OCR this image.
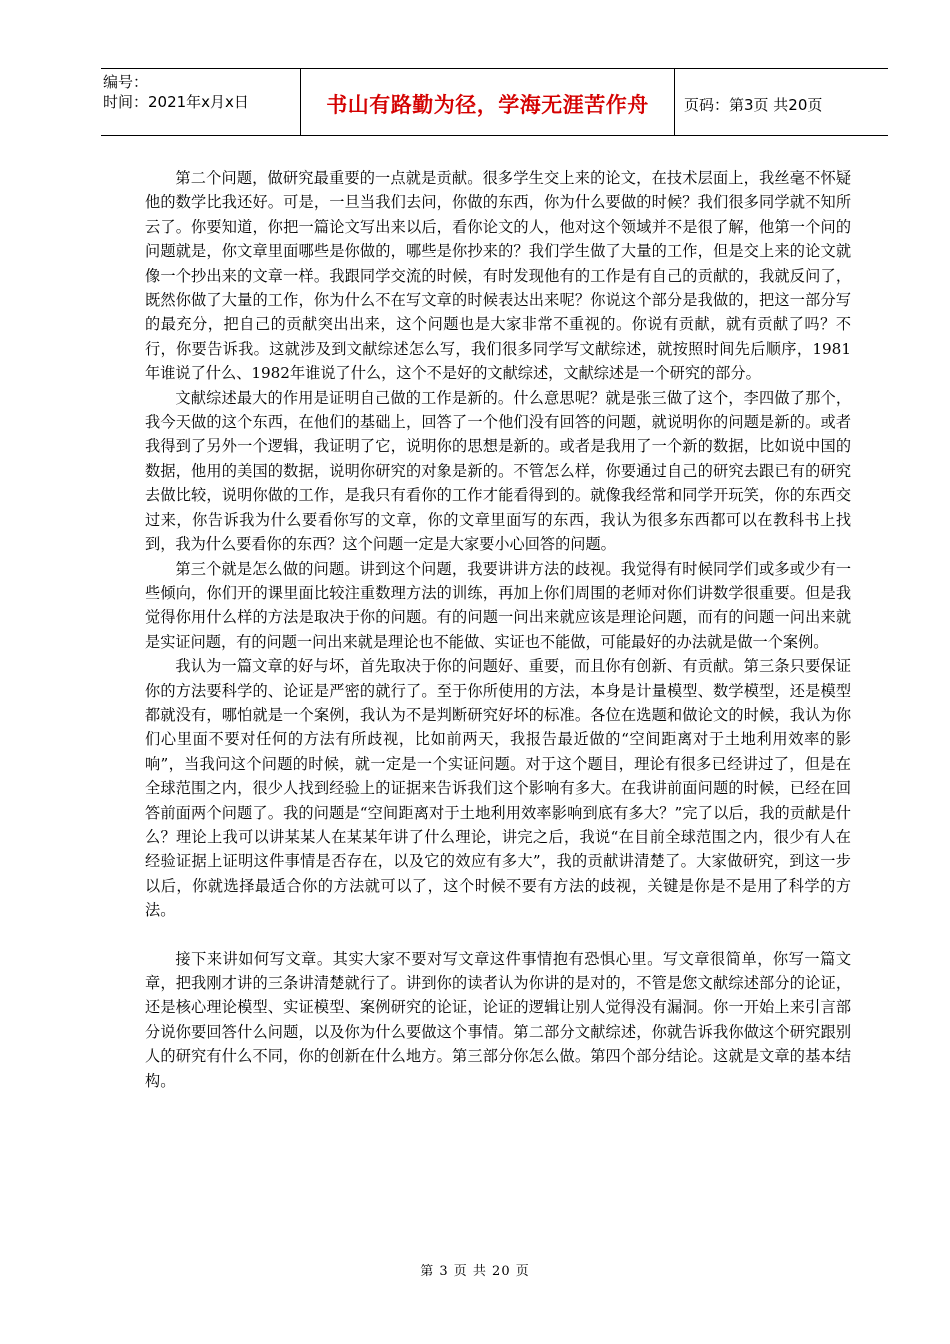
编号：
时间：2021年x月x日	书山有路勤为径，学海无涯苦作舟	页码：第3页 共20页

第二个问题，做研究最重要的一点就是贡献。很多学生交上来的论文，在技术层面上，我丝毫不怀疑他的数学比我还好。可是，一旦当我们去问，你做的东西，你为什么要做的时候？我们很多同学就不知所云了。你要知道，你把一篇论文写出来以后，看你论文的人，他对这个领域并不是很了解，他第一个问的问题就是，你文章里面哪些是你做的，哪些是你抄来的？我们学生做了大量的工作，但是交上来的论文就像一个抄出来的文章一样。我跟同学交流的时候，有时发现他有的工作是有自己的贡献的，我就反问了，既然你做了大量的工作，你为什么不在写文章的时候表达出来呢？你说这个部分是我做的，把这一部分写的最充分，把自己的贡献突出出来，这个问题也是大家非常不重视的。你说有贡献，就有贡献了吗？不行，你要告诉我。这就涉及到文献综述怎么写，我们很多同学写文献综述，就按照时间先后顺序，1981年谁说了什么、1982年谁说了什么，这个不是好的文献综述，文献综述是一个研究的部分。

文献综述最大的作用是证明自己做的工作是新的。什么意思呢？就是张三做了这个，李四做了那个，我今天做的这个东西，在他们的基础上，回答了一个他们没有回答的问题，就说明你的问题是新的。或者我得到了另外一个逻辑，我证明了它，说明你的思想是新的。或者是我用了一个新的数据，比如说中国的数据，他用的美国的数据，说明你研究的对象是新的。不管怎么样，你要通过自己的研究去跟已有的研究去做比较，说明你做的工作，是我只有看你的工作才能看得到的。就像我经常和同学开玩笑，你的东西交过来，你告诉我为什么要看你写的文章，你的文章里面写的东西，我认为很多东西都可以在教科书上找到，我为什么要看你的东西？这个问题一定是大家要小心回答的问题。

第三个就是怎么做的问题。讲到这个问题，我要讲讲方法的歧视。我觉得有时候同学们或多或少有一些倾向，你们开的课里面比较注重数理方法的训练，再加上你们周围的老师对你们讲数学很重要。但是我觉得你用什么样的方法是取决于你的问题。有的问题一问出来就应该是理论问题，而有的问题一问出来就是实证问题，有的问题一问出来就是理论也不能做、实证也不能做，可能最好的办法就是做一个案例。

我认为一篇文章的好与坏，首先取决于你的问题好、重要，而且你有创新、有贡献。第三条只要保证你的方法要科学的、论证是严密的就行了。至于你所使用的方法，本身是计量模型、数学模型，还是模型都就没有，哪怕就是一个案例，我认为不是判断研究好坏的标准。各位在选题和做论文的时候，我认为你们心里面不要对任何的方法有所歧视，比如前两天，我报告最近做的“空间距离对于土地利用效率的影响”，当我问这个问题的时候，就一定是一个实证问题。对于这个题目，理论有很多已经讲过了，但是在全球范围之内，很少人找到经验上的证据来告诉我们这个影响有多大。在我讲前面问题的时候，已经在回答前面两个问题了。我的问题是“空间距离对于土地利用效率影响到底有多大？”完了以后，我的贡献是什么？理论上我可以讲某某人在某某年讲了什么理论，讲完之后，我说“在目前全球范围之内，很少有人在经验证据上证明这件事情是否存在，以及它的效应有多大”，我的贡献讲清楚了。大家做研究，到这一步以后，你就选择最适合你的方法就可以了，这个时候不要有方法的歧视，关键是你是不是用了科学的方法。

接下来讲如何写文章。其实大家不要对写文章这件事情抱有恐惧心里。写文章很简单，你写一篇文章，把我刚才讲的三条讲清楚就行了。讲到你的读者认为你讲的是对的，不管是您文献综述部分的论证，还是核心理论模型、实证模型、案例研究的论证，论证的逻辑让别人觉得没有漏洞。你一开始上来引言部分说你要回答什么问题，以及你为什么要做这个事情。第二部分文献综述，你就告诉我你做这个研究跟别人的研究有什么不同，你的创新在什么地方。第三部分你怎么做。第四个部分结论。这就是文章的基本结构。

第 3 页 共 20 页
